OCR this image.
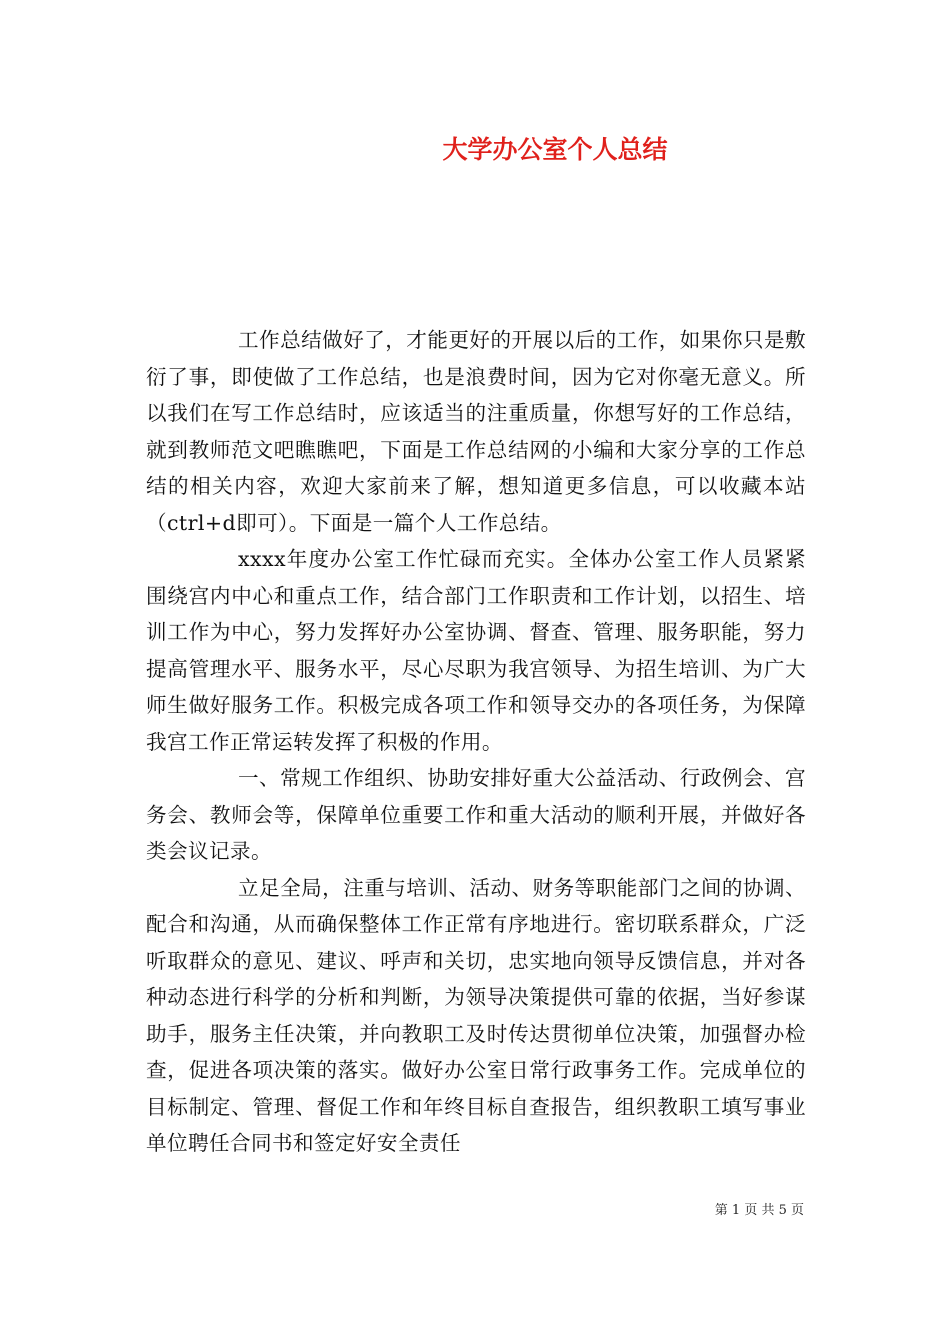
大学办公室个人总结

工作总结做好了，才能更好的开展以后的工作，如果你只是敷衍了事，即使做了工作总结，也是浪费时间，因为它对你毫无意义。所以我们在写工作总结时，应该适当的注重质量，你想写好的工作总结，就到教师范文吧瞧瞧吧，下面是工作总结网的小编和大家分享的工作总结的相关内容，欢迎大家前来了解，想知道更多信息，可以收藏本站（ctrl+d即可）。下面是一篇个人工作总结。

xxxx年度办公室工作忙碌而充实。全体办公室工作人员紧紧围绕宫内中心和重点工作，结合部门工作职责和工作计划，以招生、培训工作为中心，努力发挥好办公室协调、督查、管理、服务职能，努力提高管理水平、服务水平，尽心尽职为我宫领导、为招生培训、为广大师生做好服务工作。积极完成各项工作和领导交办的各项任务，为保障我宫工作正常运转发挥了积极的作用。

一、常规工作组织、协助安排好重大公益活动、行政例会、宫务会、教师会等，保障单位重要工作和重大活动的顺利开展，并做好各类会议记录。

立足全局，注重与培训、活动、财务等职能部门之间的协调、配合和沟通，从而确保整体工作正常有序地进行。密切联系群众，广泛听取群众的意见、建议、呼声和关切，忠实地向领导反馈信息，并对各种动态进行科学的分析和判断，为领导决策提供可靠的依据，当好参谋助手，服务主任决策，并向教职工及时传达贯彻单位决策，加强督办检查，促进各项决策的落实。做好办公室日常行政事务工作。完成单位的目标制定、管理、督促工作和年终目标自查报告，组织教职工填写事业单位聘任合同书和签定好安全责任

第 1 页 共 5 页
